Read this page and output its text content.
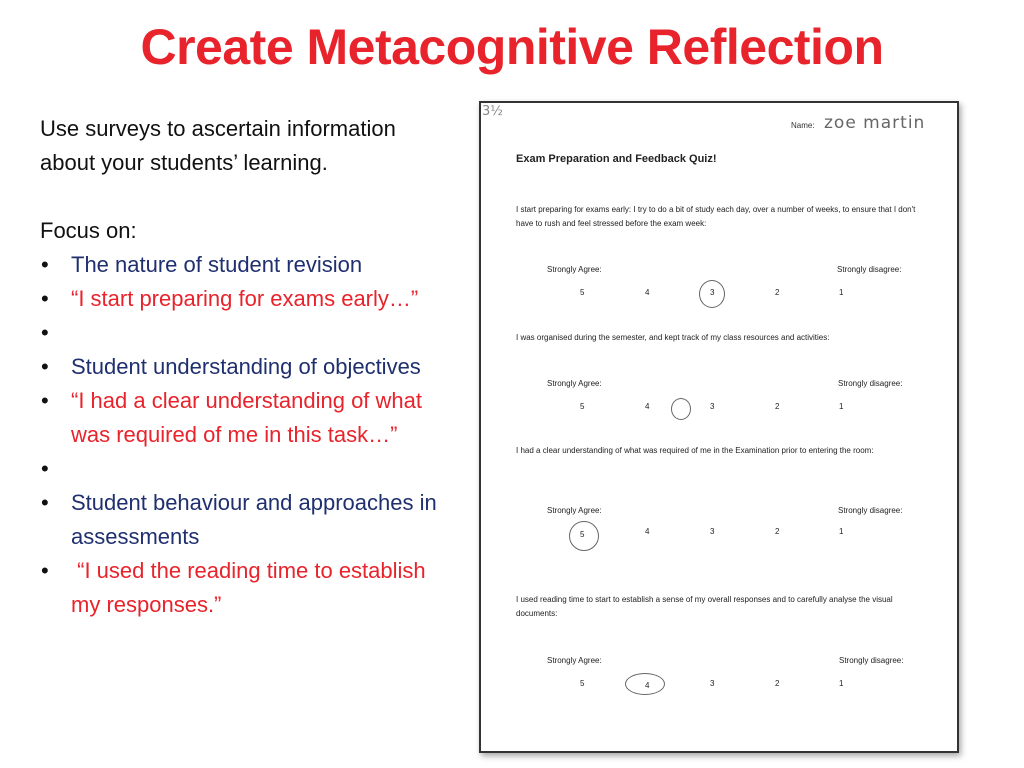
Create Metacognitive Reflection

Use surveys to ascertain information about your students’ learning.

Focus on:

• The nature of student revision
• “I start preparing for exams early…”
•
• Student understanding of objectives
• “I had a clear understanding of what was required of me in this task…”
•
• Student behaviour and approaches in assessments
•  “I used the reading time to establish my responses.”
3½
Name: zoe martin
Exam Preparation and Feedback Quiz!
I start preparing for exams early: I try to do a bit of study each day, over a number of weeks, to ensure that I don't have to rush and feel stressed before the exam week:
Strongly Agree:	Strongly disagree:
5	4	3	2	1
I was organised during the semester, and kept track of my class resources and activities:
Strongly Agree:	Strongly disagree:
5	4	3	2	1
I had a clear understanding of what was required of me in the Examination prior to entering the room:
Strongly Agree:	Strongly disagree:
5	4	3	2	1
I used reading time to start to establish a sense of my overall responses and to carefully analyse the visual documents:
Strongly Agree:	Strongly disagree:
5	4	3	2	1
